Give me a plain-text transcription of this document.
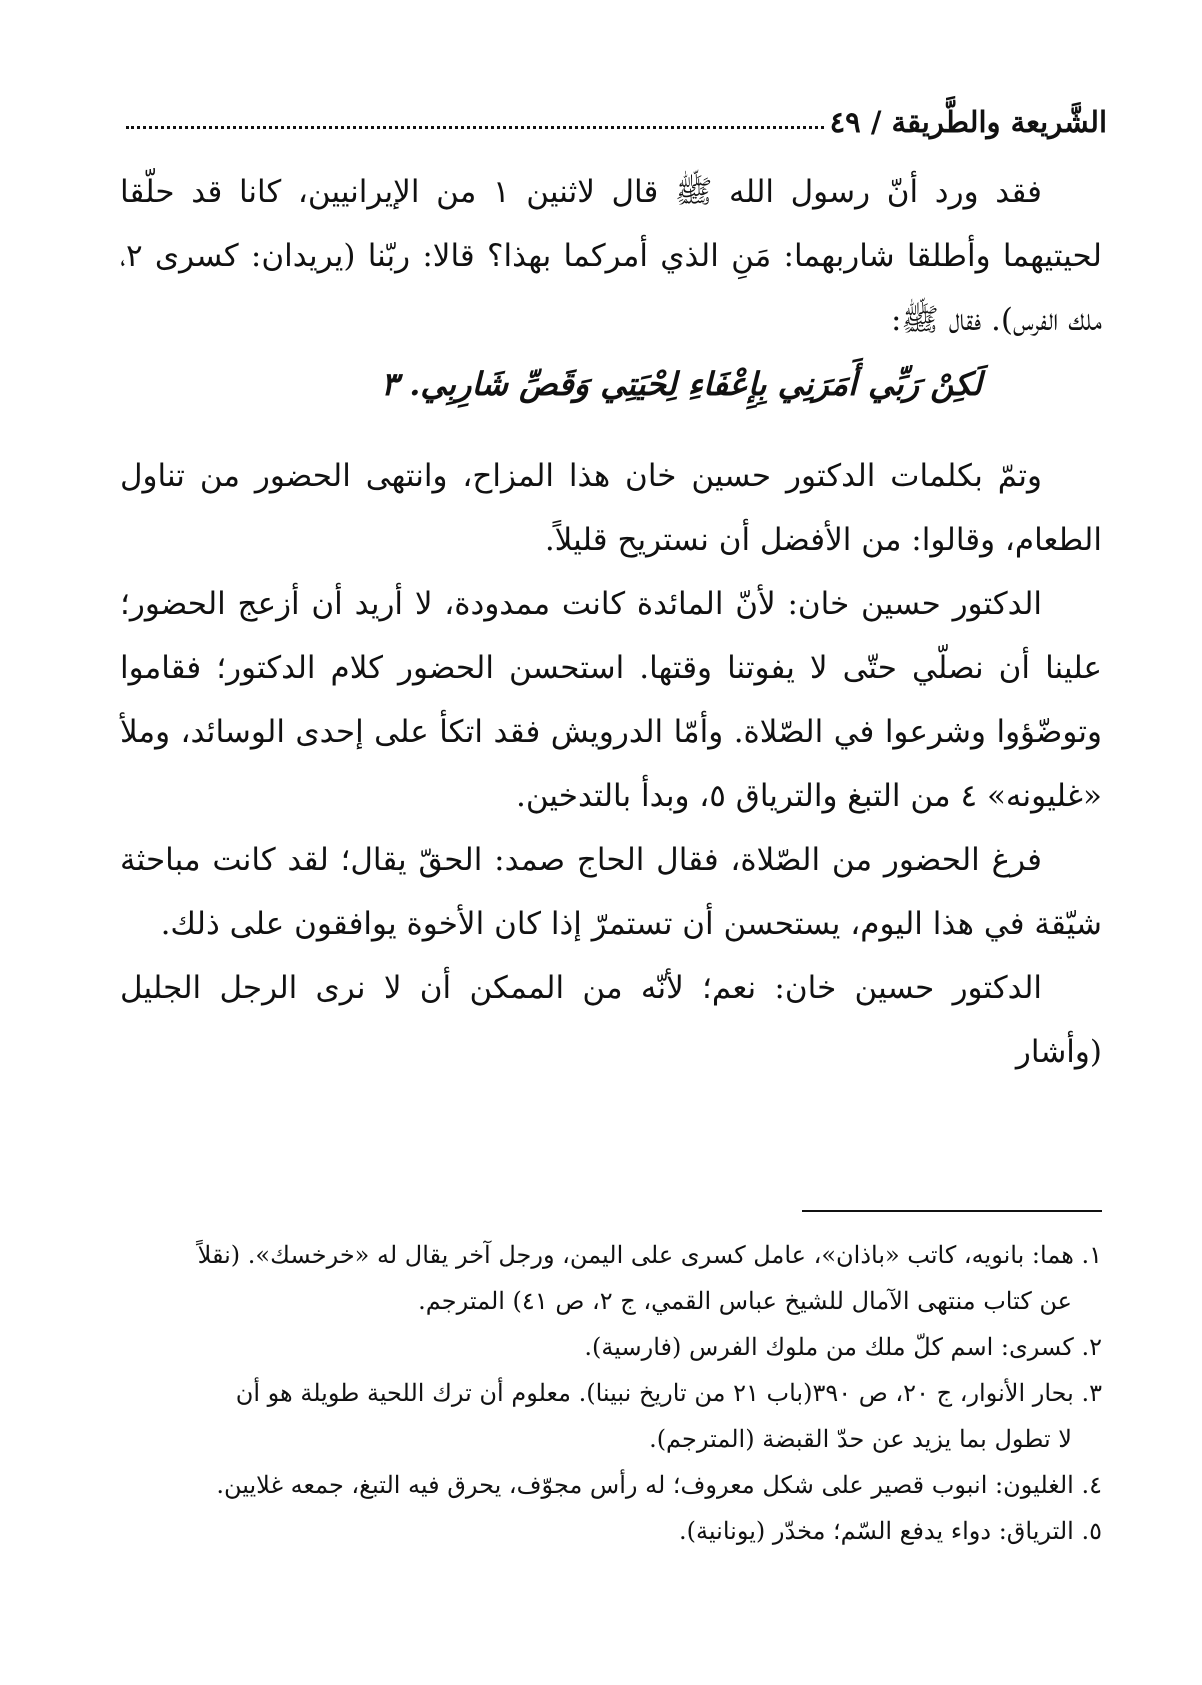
الشَّريعة والطَّريقة / ٤٩

فقد ورد أنّ رسول الله ﷺ قال لاثنين ١ من الإيرانيين، كانا قد حلّقا لحيتيهما وأطلقا شاربهما: مَنِ الذي أمركما بهذا؟ قالا: ربّنا (يريدان: كسرى ٢، ملك الفرس). فقال ﷺ:

لَكِنْ رَبِّي أَمَرَنِي بِإِعْفَاءِ لِحْيَتِي وَقَصِّ شَارِبِي. ٣

وتمّ بكلمات الدكتور حسين خان هذا المزاح، وانتهى الحضور من تناول الطعام، وقالوا: من الأفضل أن نستريح قليلاً.

الدكتور حسين خان: لأنّ المائدة كانت ممدودة، لا أريد أن أزعج الحضور؛ علينا أن نصلّي حتّى لا يفوتنا وقتها. استحسن الحضور كلام الدكتور؛ فقاموا وتوضّؤوا وشرعوا في الصّلاة. وأمّا الدرويش فقد اتكأ على إحدى الوسائد، وملأ «غليونه» ٤ من التبغ والترياق ٥، وبدأ بالتدخين.

فرغ الحضور من الصّلاة، فقال الحاج صمد: الحقّ يقال؛ لقد كانت مباحثة شيّقة في هذا اليوم، يستحسن أن تستمرّ إذا كان الأخوة يوافقون على ذلك.

الدكتور حسين خان: نعم؛ لأنّه من الممكن أن لا نرى الرجل الجليل (وأشار

١. هما: بانويه، كاتب «باذان»، عامل كسرى على اليمن، ورجل آخر يقال له «خرخسك». (نقلاً
عن كتاب منتهى الآمال للشيخ عباس القمي، ج ٢، ص ٤١) المترجم.

٢. كسرى: اسم كلّ ملك من ملوك الفرس (فارسية).

٣. بحار الأنوار، ج ٢٠، ص ٣٩٠(باب ٢١ من تاريخ نبينا). معلوم أن ترك اللحية طويلة هو أن
لا تطول بما يزيد عن حدّ القبضة (المترجم).

٤. الغليون: انبوب قصير على شكل معروف؛ له رأس مجوّف، يحرق فيه التبغ، جمعه غلايين.

٥. الترياق: دواء يدفع السّم؛ مخدّر (يونانية).
